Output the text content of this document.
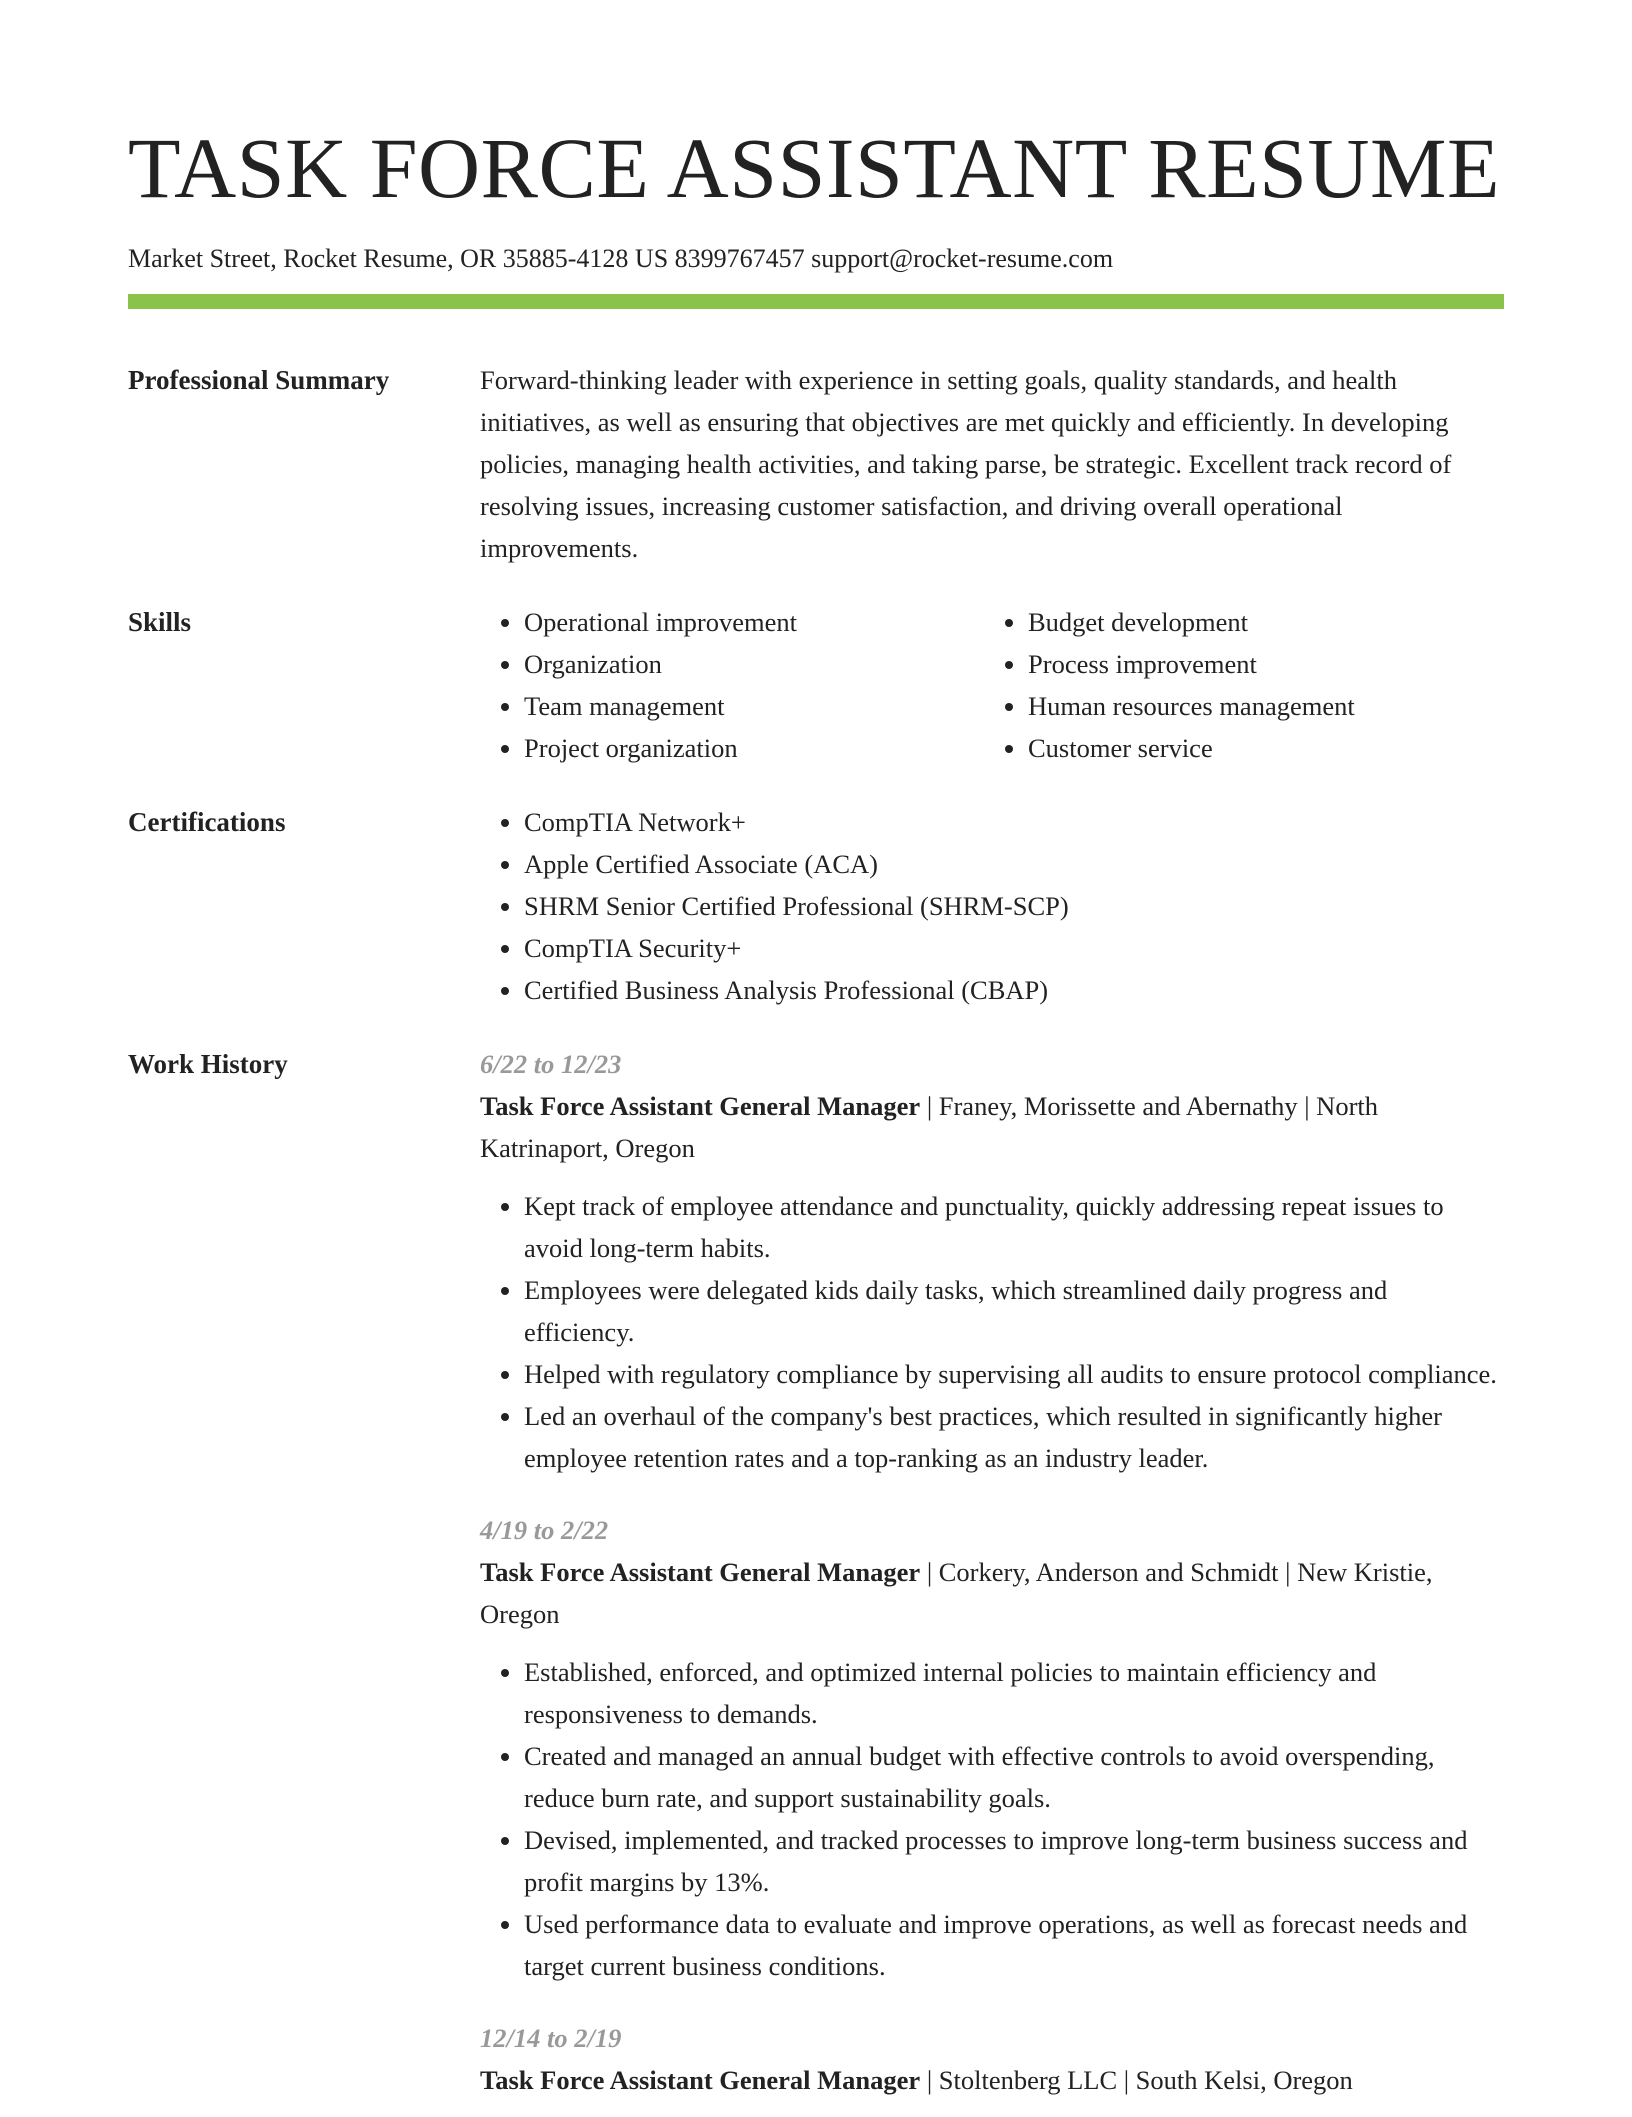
TASK FORCE ASSISTANT RESUME
Market Street, Rocket Resume, OR 35885-4128 US 8399767457 support@rocket-resume.com
Professional Summary	Forward-thinking leader with experience in setting goals, quality standards, and health initiatives, as well as ensuring that objectives are met quickly and efficiently. In developing policies, managing health activities, and taking parse, be strategic. Excellent track record of resolving issues, increasing customer satisfaction, and driving overall operational improvements.

Skills	• Operational improvement
• Organization
• Team management
• Project organization
• Budget development
• Process improvement
• Human resources management
• Customer service
Certifications	• CompTIA Network+
• Apple Certified Associate (ACA)
• SHRM Senior Certified Professional (SHRM-SCP)
• CompTIA Security+
• Certified Business Analysis Professional (CBAP)
Work History	6/22 to 12/23
Task Force Assistant General Manager | Franey, Morissette and Abernathy | North Katrinaport, Oregon
• Kept track of employee attendance and punctuality, quickly addressing repeat issues to avoid long-term habits.
• Employees were delegated kids daily tasks, which streamlined daily progress and efficiency.
• Helped with regulatory compliance by supervising all audits to ensure protocol compliance.
• Led an overhaul of the company's best practices, which resulted in significantly higher employee retention rates and a top-ranking as an industry leader.
4/19 to 2/22
Task Force Assistant General Manager | Corkery, Anderson and Schmidt | New Kristie, Oregon
• Established, enforced, and optimized internal policies to maintain efficiency and responsiveness to demands.
• Created and managed an annual budget with effective controls to avoid overspending, reduce burn rate, and support sustainability goals.
• Devised, implemented, and tracked processes to improve long-term business success and profit margins by 13%.
• Used performance data to evaluate and improve operations, as well as forecast needs and target current business conditions.
12/14 to 2/19
Task Force Assistant General Manager | Stoltenberg LLC | South Kelsi, Oregon
